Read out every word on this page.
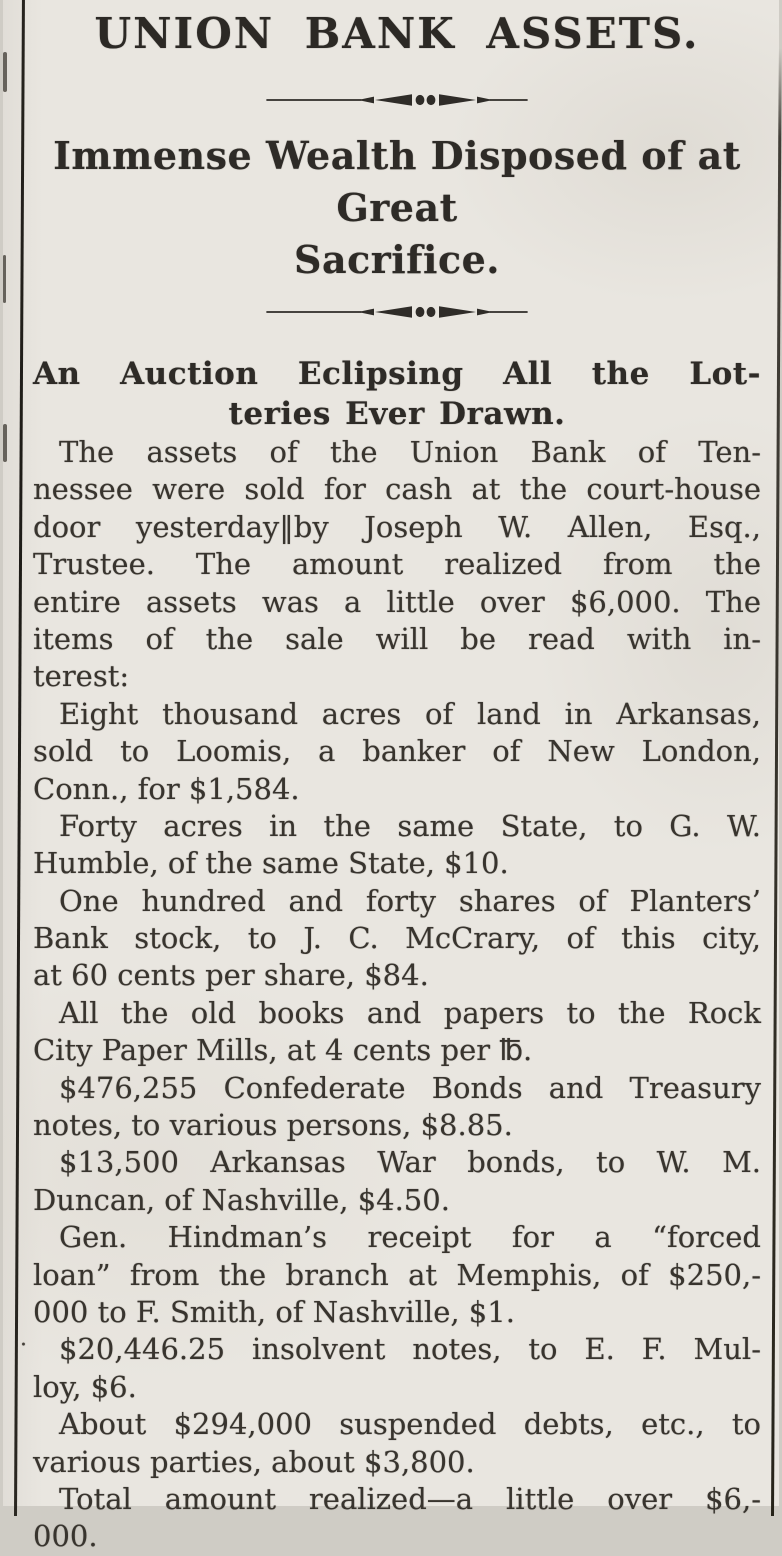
UNION BANK ASSETS.
Immense Wealth Disposed of at Great
Sacrifice.
An Auction Eclipsing All the Lot-
teries Ever Drawn.
·

The assets of the Union Bank of Ten-

nessee were sold for cash at the court-house

door yesterday‖by Joseph W. Allen, Esq.,

Trustee. The amount realized from the

entire assets was a little over $6,000. The

items of the sale will be read with in-

terest:

Eight thousand acres of land in Arkansas,

sold to Loomis, a banker of New London,

Conn., for $1,584.

Forty acres in the same State, to G. W.

Humble, of the same State, $10.

One hundred and forty shares of Planters’

Bank stock, to J. C. McCrary, of this city,

at 60 cents per share, $84.

All the old books and papers to the Rock

City Paper Mills, at 4 cents per ℔.

$476,255 Confederate Bonds and Treasury

notes, to various persons, $8.85.

$13,500 Arkansas War bonds, to W. M.

Duncan, of Nashville, $4.50.

Gen. Hindman’s receipt for a “forced

loan” from the branch at Memphis, of $250,-

000 to F. Smith, of Nashville, $1.

$20,446.25 insolvent notes, to E. F. Mul-

loy, $6.

About $294,000 suspended debts, etc., to

various parties, about $3,800.

Total amount realized—a little over $6,-

000.
